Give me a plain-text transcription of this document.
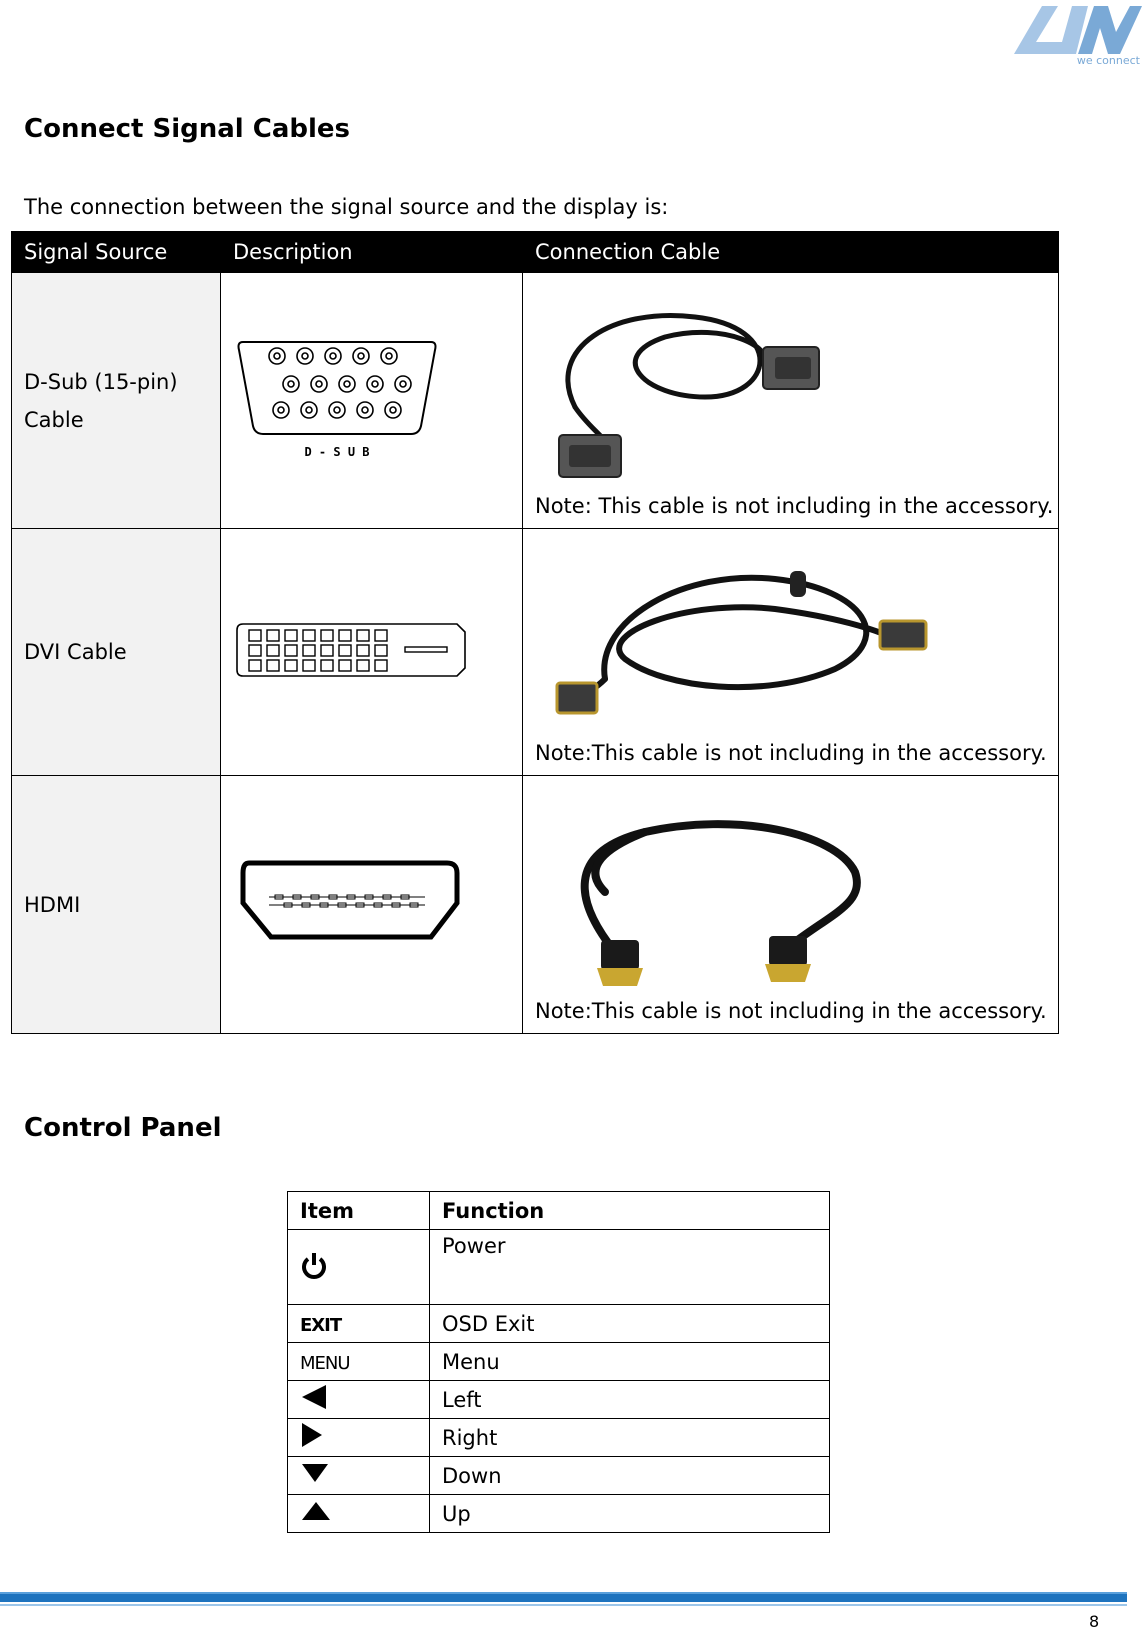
we connect
Connect Signal Cables
The connection between the signal source and the display is:
Signal Source	Description	Connection Cable

D-Sub (15-pin)
Cable	D - S U B	Note: This cable is not including in the accessory.

DVI Cable		Note:This cable is not including in the accessory.

HDMI		Note:This cable is not including in the accessory.
Control Panel
Item	Function
	Power
EXIT	OSD Exit
MENU	Menu
	Left
	Right
	Down
	Up
8
